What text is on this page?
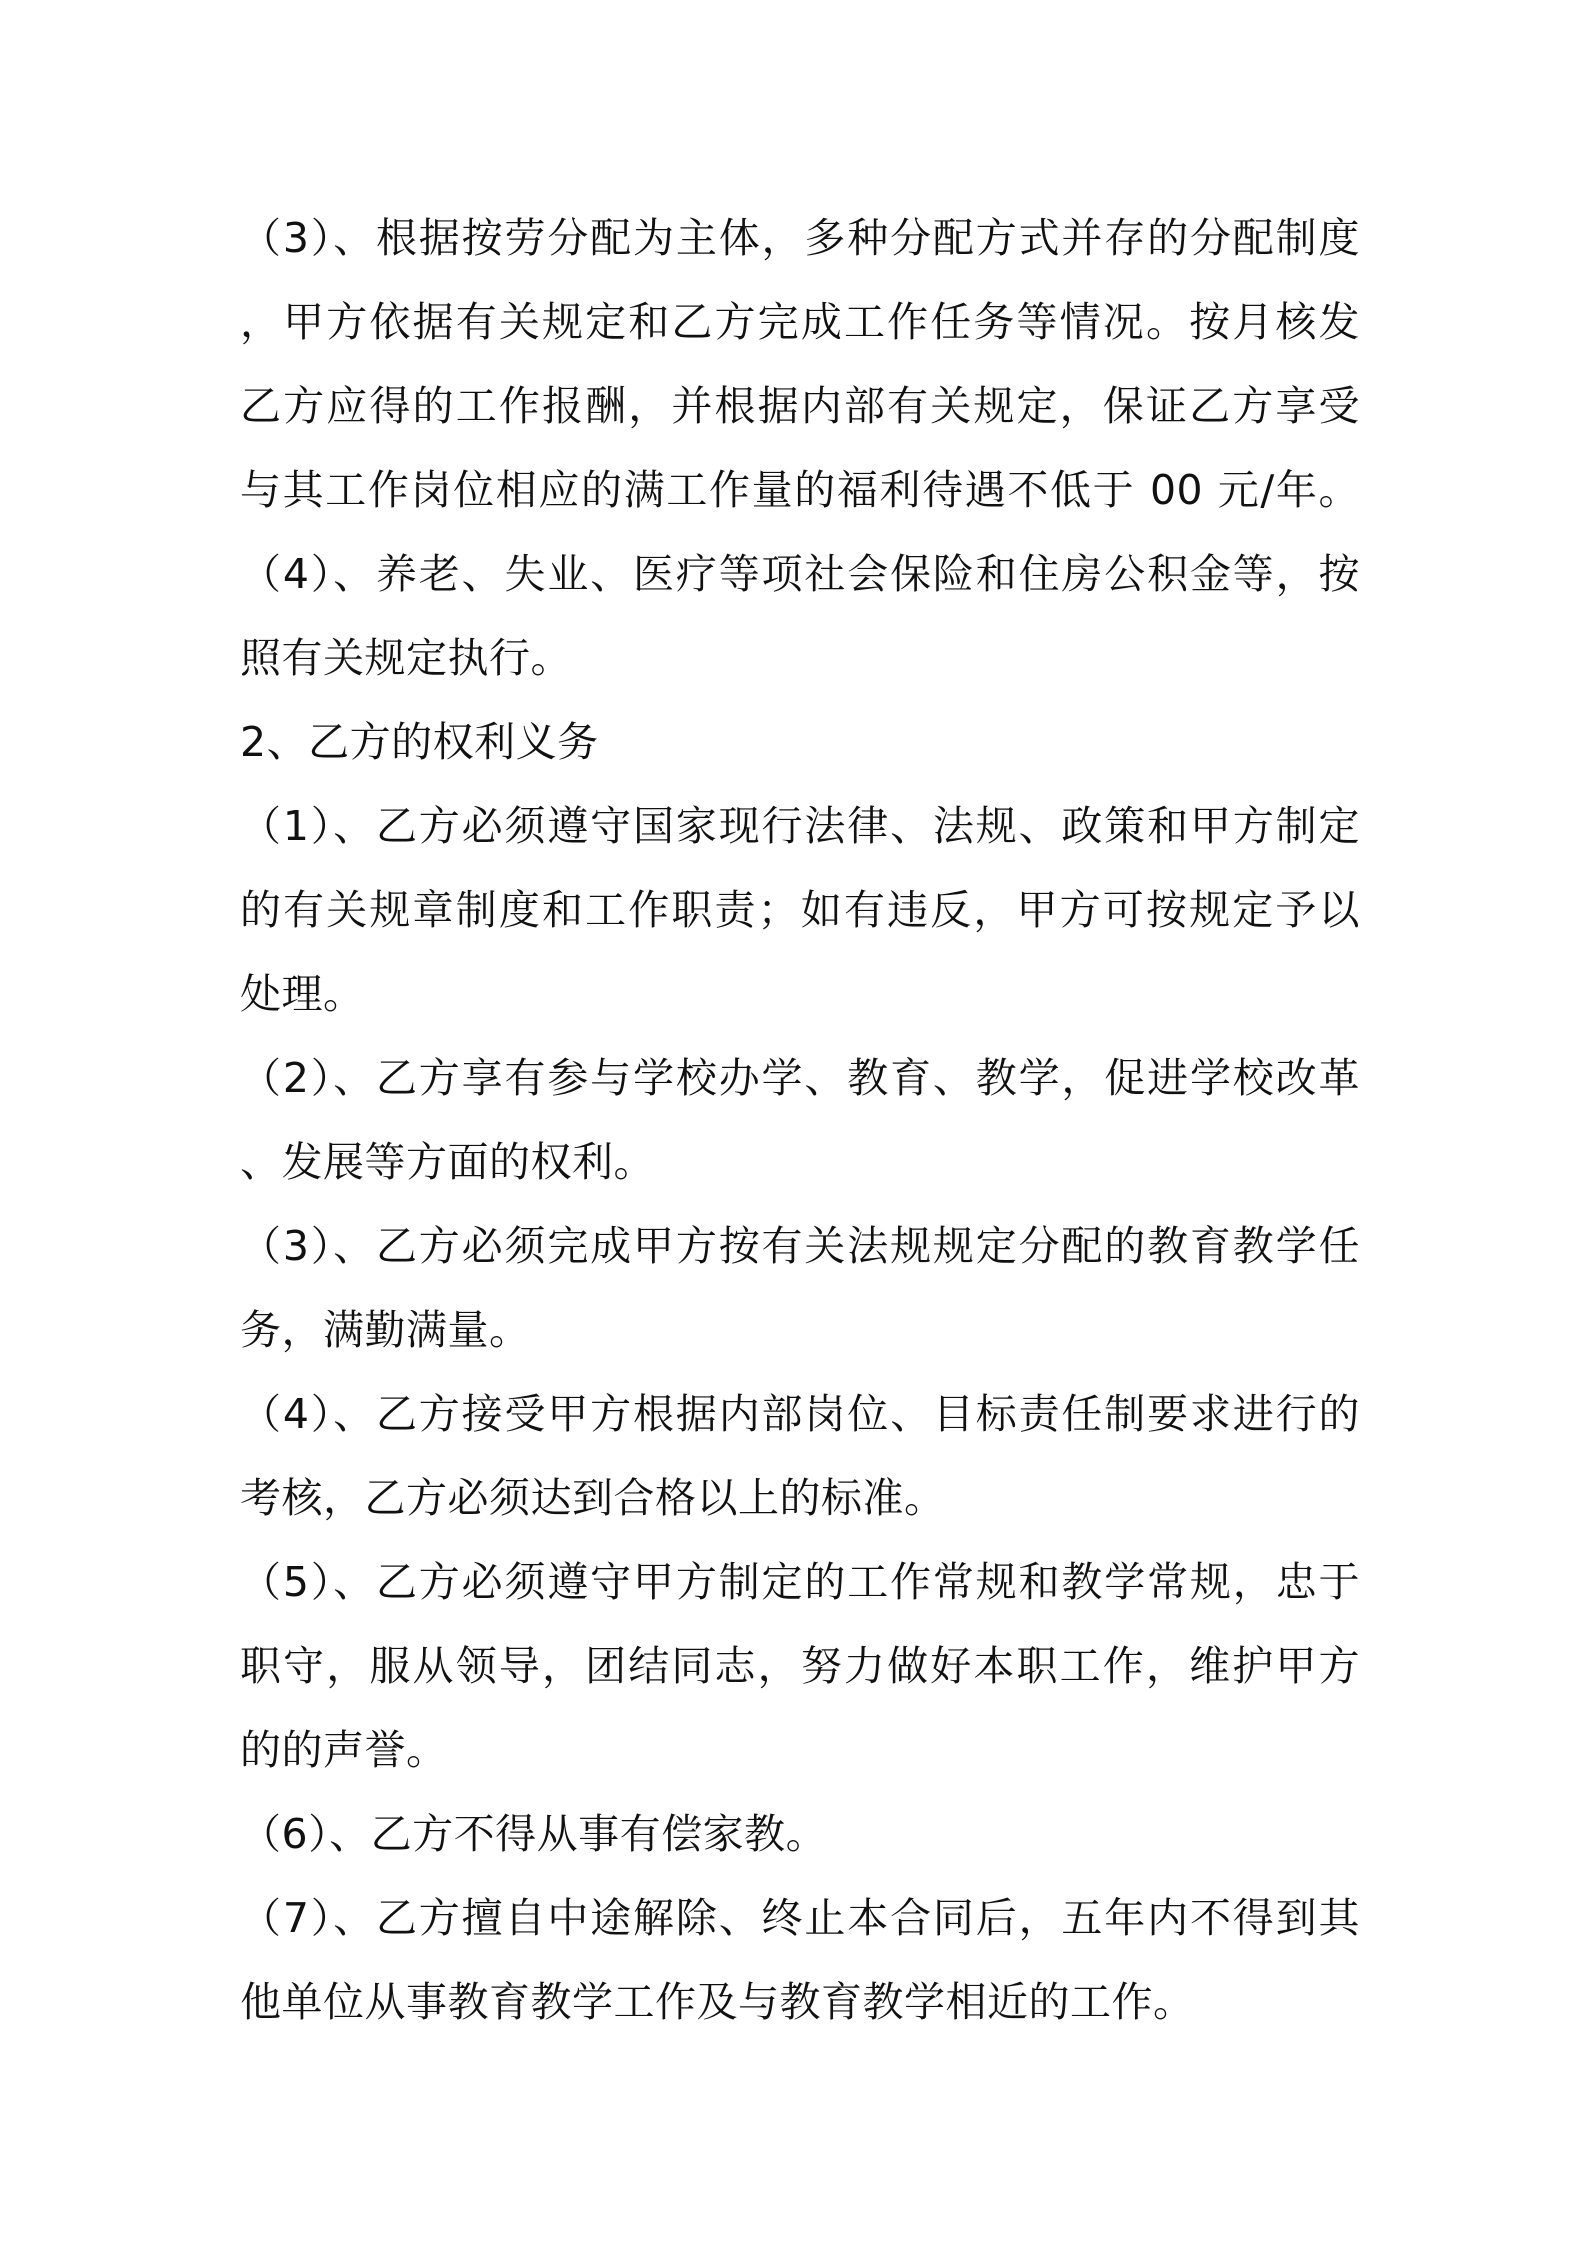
（3）、根据按劳分配为主体，多种分配方式并存的分配制度
，甲方依据有关规定和乙方完成工作任务等情况。按月核发
乙方应得的工作报酬，并根据内部有关规定，保证乙方享受
与其工作岗位相应的满工作量的福利待遇不低于 00 元/年。
（4）、养老、失业、医疗等项社会保险和住房公积金等，按
照有关规定执行。
2、乙方的权利义务
（1）、乙方必须遵守国家现行法律、法规、政策和甲方制定
的有关规章制度和工作职责；如有违反，甲方可按规定予以
处理。
（2）、乙方享有参与学校办学、教育、教学，促进学校改革
、发展等方面的权利。
（3）、乙方必须完成甲方按有关法规规定分配的教育教学任
务，满勤满量。
（4）、乙方接受甲方根据内部岗位、目标责任制要求进行的
考核，乙方必须达到合格以上的标准。
（5）、乙方必须遵守甲方制定的工作常规和教学常规，忠于
职守，服从领导，团结同志，努力做好本职工作，维护甲方
的的声誉。
（6）、乙方不得从事有偿家教。
（7）、乙方擅自中途解除、终止本合同后，五年内不得到其
他单位从事教育教学工作及与教育教学相近的工作。
